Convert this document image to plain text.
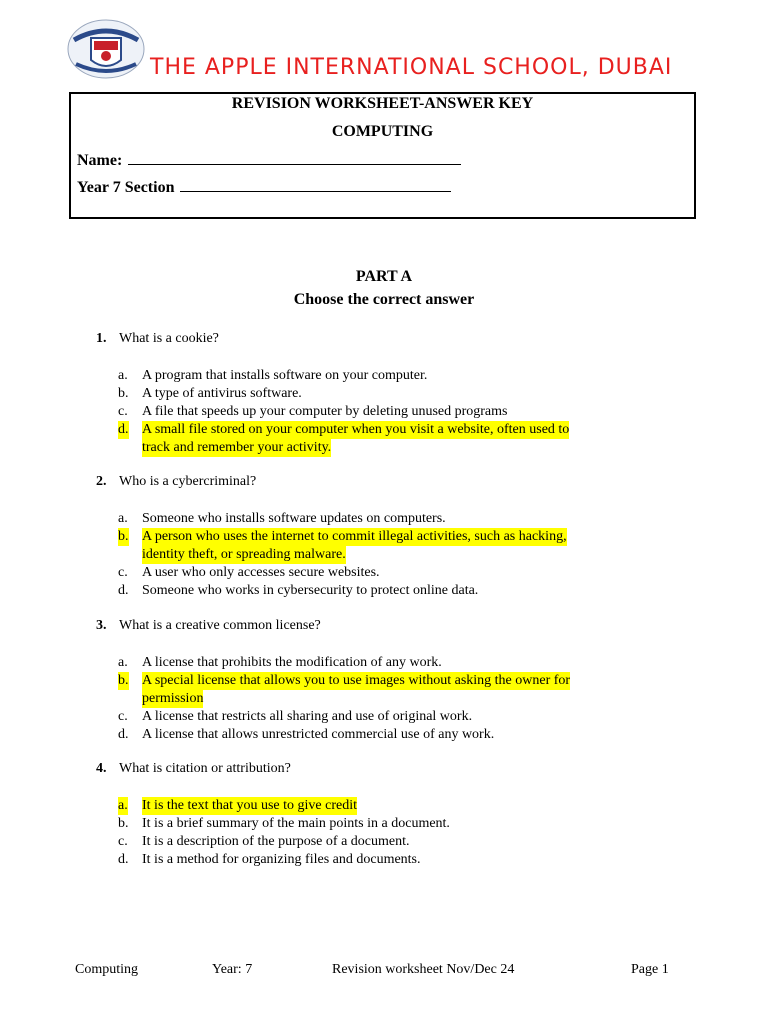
THE APPLE INTERNATIONAL SCHOOL, DUBAI
REVISION WORKSHEET-ANSWER KEY
COMPUTING
Name:
Year 7 Section
PART A
Choose the correct answer
1. What is a cookie?
a. A program that installs software on your computer.
b. A type of antivirus software.
c. A file that speeds up your computer by deleting unused programs
d. A small file stored on your computer when you visit a website, often used to
track and remember your activity.
2. Who is a cybercriminal?
a. Someone who installs software updates on computers.
b. A person who uses the internet to commit illegal activities, such as hacking,
identity theft, or spreading malware.
c. A user who only accesses secure websites.
d. Someone who works in cybersecurity to protect online data.
3. What is a creative common license?
a. A license that prohibits the modification of any work.
b. A special license that allows you to use images without asking the owner for
permission
c. A license that restricts all sharing and use of original work.
d. A license that allows unrestricted commercial use of any work.
4. What is citation or attribution?
a. It is the text that you use to give credit
b. It is a brief summary of the main points in a document.
c. It is a description of the purpose of a document.
d. It is a method for organizing files and documents.
Computing	Year: 7	Revision worksheet Nov/Dec 24	Page 1
